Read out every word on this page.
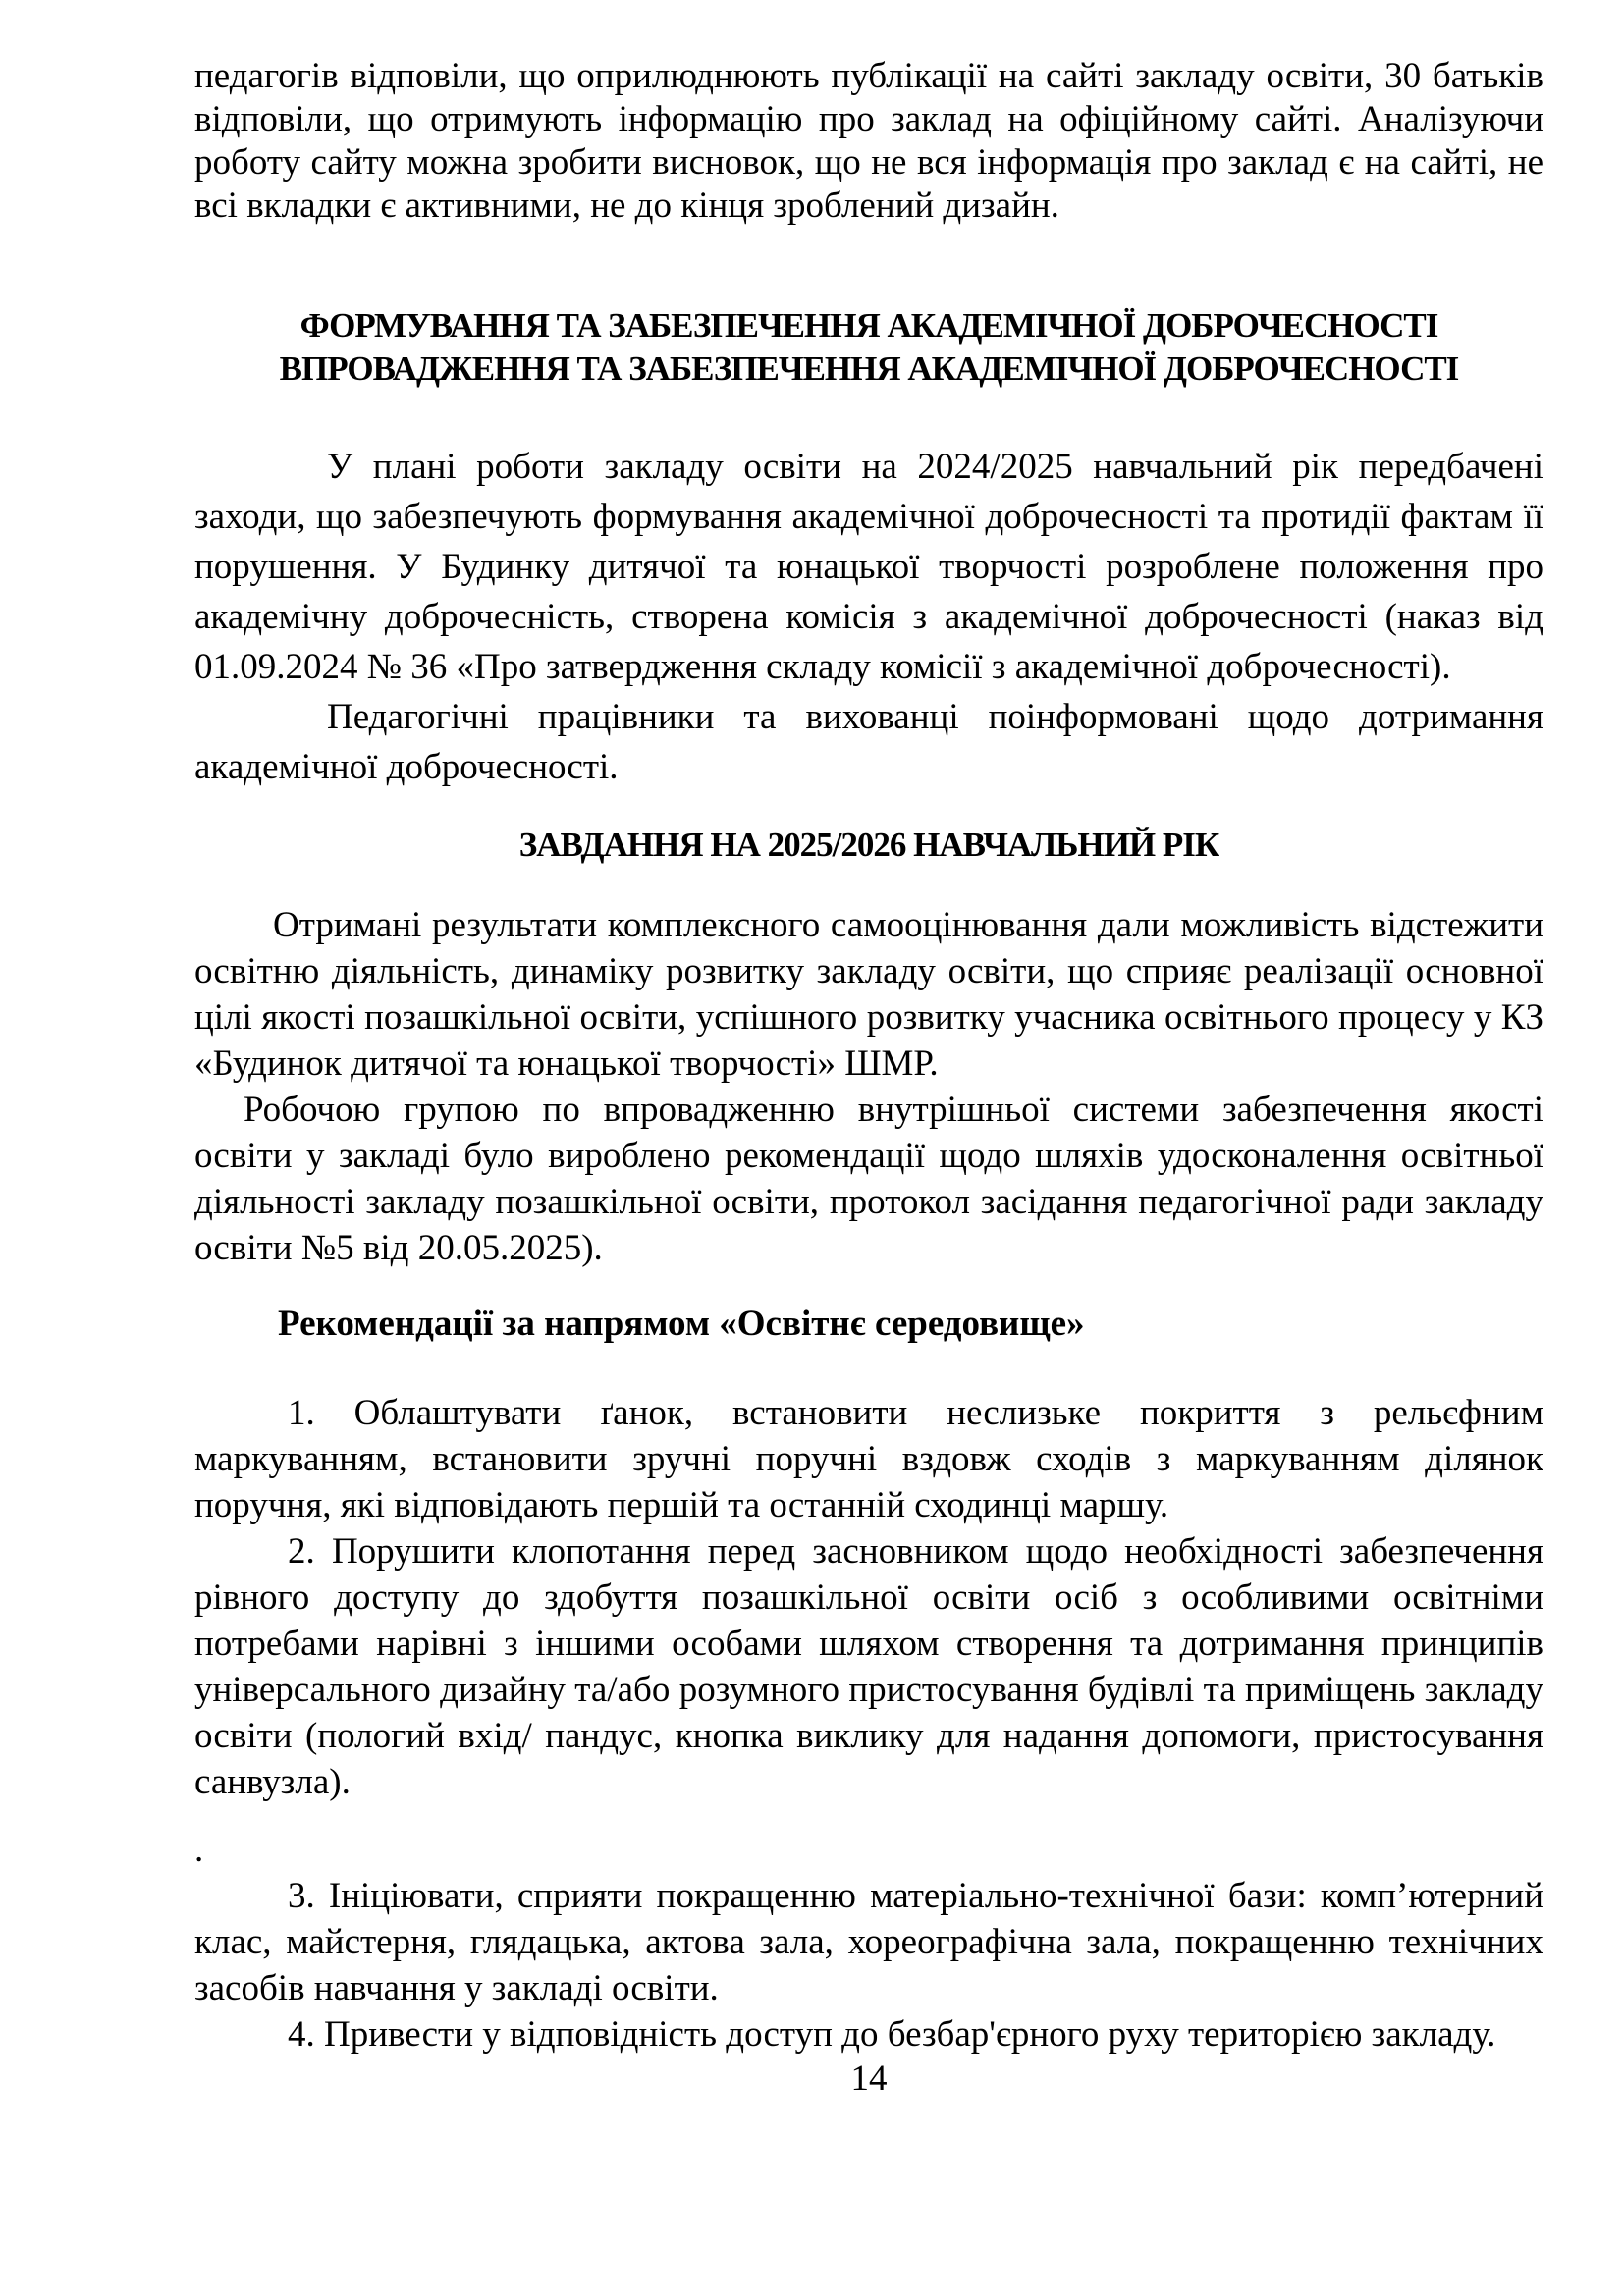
педагогів відповіли, що оприлюднюють публікації на сайті закладу освіти, 30 батьків відповіли, що отримують інформацію про заклад на офіційному сайті. Аналізуючи роботу сайту можна зробити висновок, що не вся інформація про заклад є на сайті, не всі вкладки є активними, не до кінця зроблений дизайн.

ФОРМУВАННЯ ТА ЗАБЕЗПЕЧЕННЯ АКАДЕМІЧНОЇ ДОБРОЧЕСНОСТІ
ВПРОВАДЖЕННЯ ТА ЗАБЕЗПЕЧЕННЯ АКАДЕМІЧНОЇ ДОБРОЧЕСНОСТІ

У плані роботи закладу освіти на 2024/2025 навчальний рік передбачені заходи, що забезпечують формування академічної доброчесності та протидії фактам її порушення. У Будинку дитячої та юнацької творчості розроблене положення про академічну доброчесність, створена комісія з академічної доброчесності (наказ від 01.09.2024 № 36 «Про затвердження складу комісії з академічної доброчесності).

Педагогічні працівники та вихованці поінформовані щодо дотримання академічної доброчесності.

ЗАВДАННЯ НА 2025/2026 НАВЧАЛЬНИЙ РІК

Отримані результати комплексного самооцінювання дали можливість відстежити освітню діяльність, динаміку розвитку закладу освіти, що сприяє реалізації основної цілі якості позашкільної освіти, успішного розвитку учасника освітнього процесу у КЗ «Будинок дитячої та юнацької творчості» ШМР.

Робочою групою по впровадженню внутрішньої системи забезпечення якості освіти у закладі було вироблено рекомендації щодо шляхів удосконалення освітньої діяльності закладу позашкільної освіти, протокол засідання педагогічної ради закладу освіти №5 від 20.05.2025).

Рекомендації за напрямом «Освітнє середовище»

1. Облаштувати ґанок, встановити неслизьке покриття з рельєфним маркуванням, встановити зручні поручні вздовж сходів з маркуванням ділянок поручня, які відповідають першій та останній сходинці маршу.

2. Порушити клопотання перед засновником щодо необхідності забезпечення рівного доступу до здобуття позашкільної освіти осіб з особливими освітніми потребами нарівні з іншими особами шляхом створення та дотримання принципів універсального дизайну та/або розумного пристосування будівлі та приміщень закладу освіти (пологий вхід/ пандус, кнопка виклику для надання допомоги, пристосування санвузла).

.

3. Ініціювати, сприяти покращенню матеріально-технічної бази: комп’ютерний клас, майстерня, глядацька, актова зала, хореографічна зала, покращенню технічних засобів навчання у закладі освіти.

4. Привести у відповідність доступ до безбар'єрного руху територією закладу.

14
